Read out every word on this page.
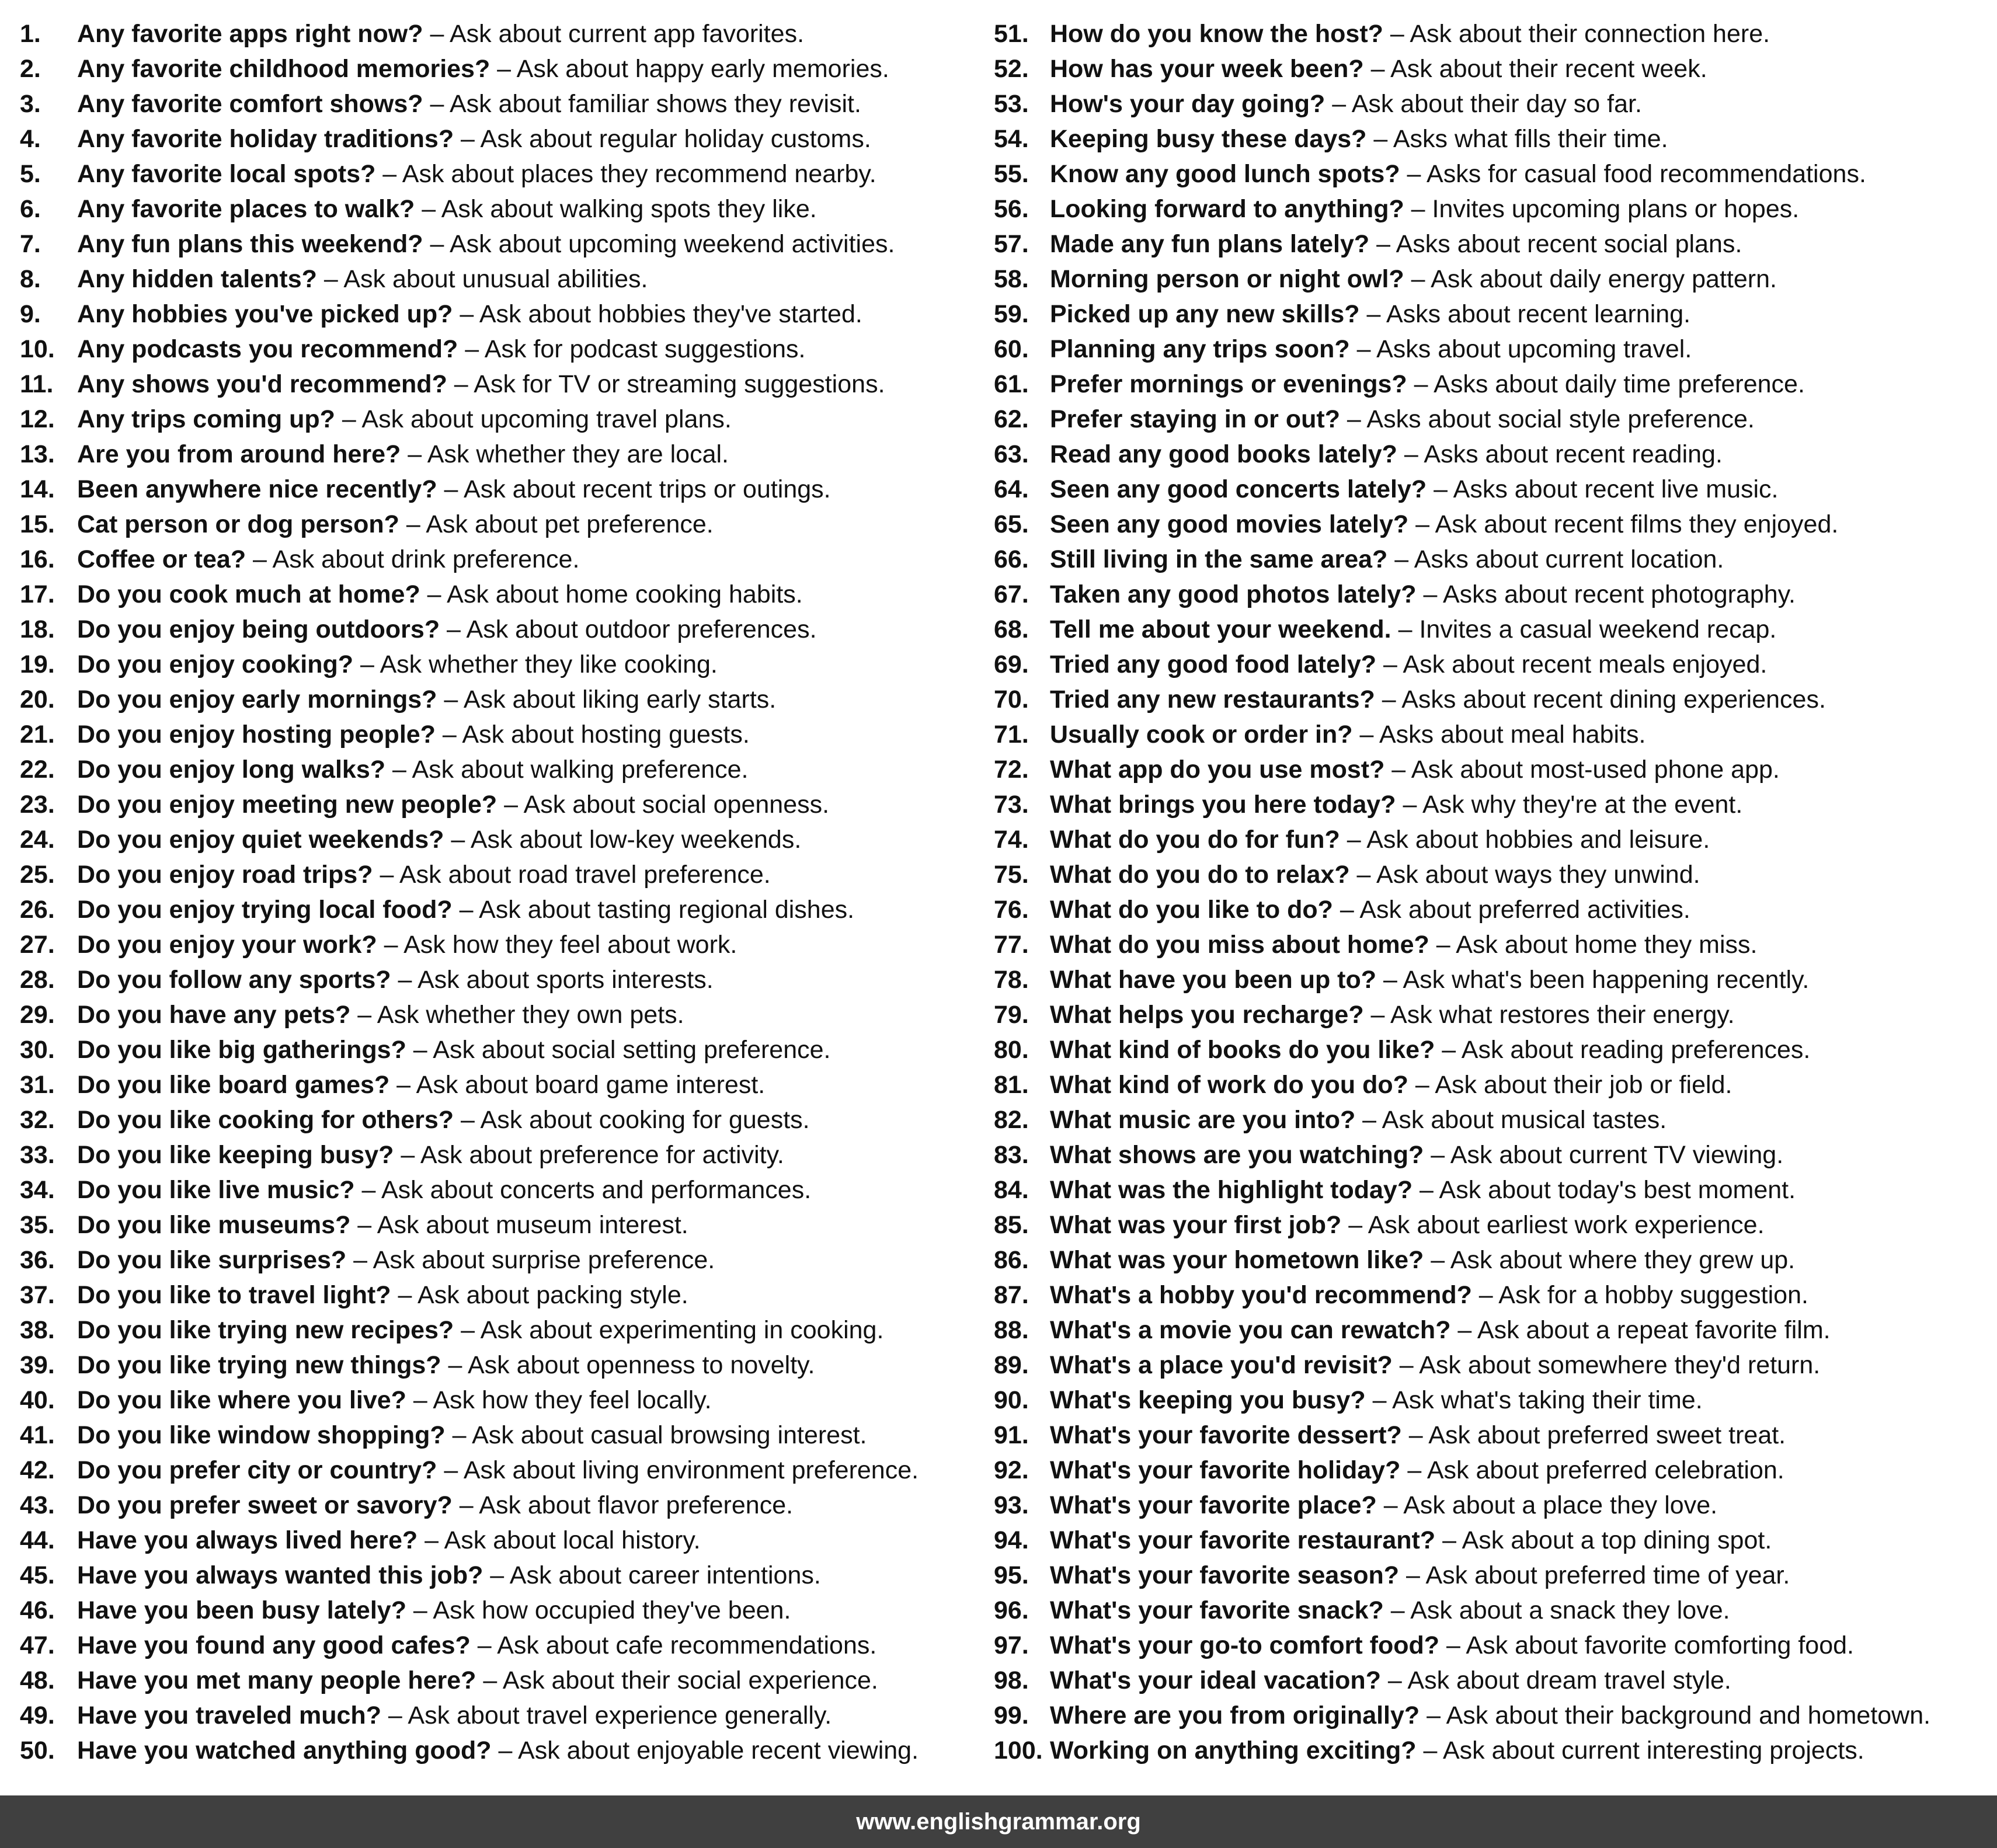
1.	Any favorite apps right now? – Ask about current app favorites.
2.	Any favorite childhood memories? – Ask about happy early memories.
3.	Any favorite comfort shows? – Ask about familiar shows they revisit.
4.	Any favorite holiday traditions? – Ask about regular holiday customs.
5.	Any favorite local spots? – Ask about places they recommend nearby.
6.	Any favorite places to walk? – Ask about walking spots they like.
7.	Any fun plans this weekend? – Ask about upcoming weekend activities.
8.	Any hidden talents? – Ask about unusual abilities.
9.	Any hobbies you've picked up? – Ask about hobbies they've started.
10. Any podcasts you recommend? – Ask for podcast suggestions.
11. Any shows you'd recommend? – Ask for TV or streaming suggestions.
12. Any trips coming up? – Ask about upcoming travel plans.
13. Are you from around here? – Ask whether they are local.
14. Been anywhere nice recently? – Ask about recent trips or outings.
15. Cat person or dog person? – Ask about pet preference.
16. Coffee or tea? – Ask about drink preference.
17. Do you cook much at home? – Ask about home cooking habits.
18. Do you enjoy being outdoors? – Ask about outdoor preferences.
19. Do you enjoy cooking? – Ask whether they like cooking.
20. Do you enjoy early mornings? – Ask about liking early starts.
21. Do you enjoy hosting people? – Ask about hosting guests.
22. Do you enjoy long walks? – Ask about walking preference.
23. Do you enjoy meeting new people? – Ask about social openness.
24. Do you enjoy quiet weekends? – Ask about low-key weekends.
25. Do you enjoy road trips? – Ask about road travel preference.
26. Do you enjoy trying local food? – Ask about tasting regional dishes.
27. Do you enjoy your work? – Ask how they feel about work.
28. Do you follow any sports? – Ask about sports interests.
29. Do you have any pets? – Ask whether they own pets.
30. Do you like big gatherings? – Ask about social setting preference.
31. Do you like board games? – Ask about board game interest.
32. Do you like cooking for others? – Ask about cooking for guests.
33. Do you like keeping busy? – Ask about preference for activity.
34. Do you like live music? – Ask about concerts and performances.
35. Do you like museums? – Ask about museum interest.
36. Do you like surprises? – Ask about surprise preference.
37. Do you like to travel light? – Ask about packing style.
38. Do you like trying new recipes? – Ask about experimenting in cooking.
39. Do you like trying new things? – Ask about openness to novelty.
40. Do you like where you live? – Ask how they feel locally.
41. Do you like window shopping? – Ask about casual browsing interest.
42. Do you prefer city or country? – Ask about living environment preference.
43. Do you prefer sweet or savory? – Ask about flavor preference.
44. Have you always lived here? – Ask about local history.
45. Have you always wanted this job? – Ask about career intentions.
46. Have you been busy lately? – Ask how occupied they've been.
47. Have you found any good cafes? – Ask about cafe recommendations.
48. Have you met many people here? – Ask about their social experience.
49. Have you traveled much? – Ask about travel experience generally.
50. Have you watched anything good? – Ask about enjoyable recent viewing.
51. How do you know the host? – Ask about their connection here.
52. How has your week been? – Ask about their recent week.
53. How's your day going? – Ask about their day so far.
54. Keeping busy these days? – Asks what fills their time.
55. Know any good lunch spots? – Asks for casual food recommendations.
56. Looking forward to anything? – Invites upcoming plans or hopes.
57. Made any fun plans lately? – Asks about recent social plans.
58. Morning person or night owl? – Ask about daily energy pattern.
59. Picked up any new skills? – Asks about recent learning.
60. Planning any trips soon? – Asks about upcoming travel.
61. Prefer mornings or evenings? – Asks about daily time preference.
62. Prefer staying in or out? – Asks about social style preference.
63. Read any good books lately? – Asks about recent reading.
64. Seen any good concerts lately? – Asks about recent live music.
65. Seen any good movies lately? – Ask about recent films they enjoyed.
66. Still living in the same area? – Asks about current location.
67. Taken any good photos lately? – Asks about recent photography.
68. Tell me about your weekend. – Invites a casual weekend recap.
69. Tried any good food lately? – Ask about recent meals enjoyed.
70. Tried any new restaurants? – Asks about recent dining experiences.
71. Usually cook or order in? – Asks about meal habits.
72. What app do you use most? – Ask about most-used phone app.
73. What brings you here today? – Ask why they're at the event.
74. What do you do for fun? – Ask about hobbies and leisure.
75. What do you do to relax? – Ask about ways they unwind.
76. What do you like to do? – Ask about preferred activities.
77. What do you miss about home? – Ask about home they miss.
78. What have you been up to? – Ask what's been happening recently.
79. What helps you recharge? – Ask what restores their energy.
80. What kind of books do you like? – Ask about reading preferences.
81. What kind of work do you do? – Ask about their job or field.
82. What music are you into? – Ask about musical tastes.
83. What shows are you watching? – Ask about current TV viewing.
84. What was the highlight today? – Ask about today's best moment.
85. What was your first job? – Ask about earliest work experience.
86. What was your hometown like? – Ask about where they grew up.
87. What's a hobby you'd recommend? – Ask for a hobby suggestion.
88. What's a movie you can rewatch? – Ask about a repeat favorite film.
89. What's a place you'd revisit? – Ask about somewhere they'd return.
90. What's keeping you busy? – Ask what's taking their time.
91. What's your favorite dessert? – Ask about preferred sweet treat.
92. What's your favorite holiday? – Ask about preferred celebration.
93. What's your favorite place? – Ask about a place they love.
94. What's your favorite restaurant? – Ask about a top dining spot.
95. What's your favorite season? – Ask about preferred time of year.
96. What's your favorite snack? – Ask about a snack they love.
97. What's your go-to comfort food? – Ask about favorite comforting food.
98. What's your ideal vacation? – Ask about dream travel style.
99. Where are you from originally? – Ask about their background and hometown.
100. Working on anything exciting? – Ask about current interesting projects.
www.englishgrammar.org
